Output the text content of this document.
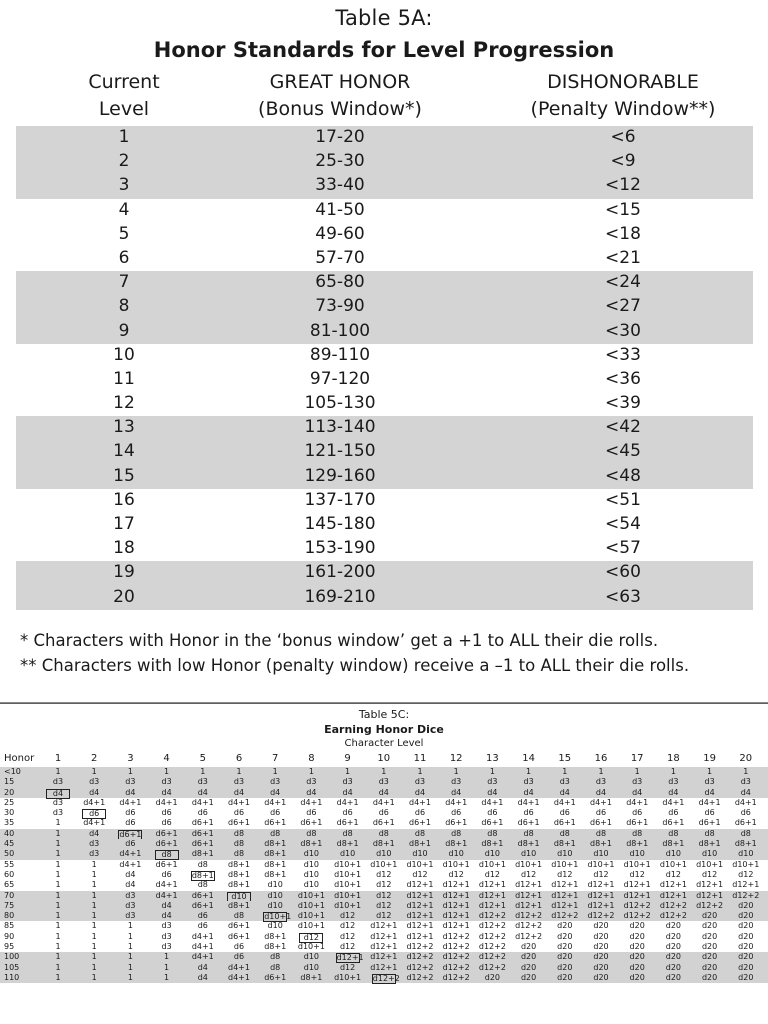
Table 5A:
Honor Standards for Level Progression
Current
Level
GREAT HONOR
(Bonus Window*)
DISHONORABLE
(Penalty Window**)
1	17-20	<6
2	25-30	<9
3	33-40	<12
4	41-50	<15
5	49-60	<18
6	57-70	<21
7	65-80	<24
8	73-90	<27
9	81-100	<30
10	89-110	<33
11	97-120	<36
12	105-130	<39
13	113-140	<42
14	121-150	<45
15	129-160	<48
16	137-170	<51
17	145-180	<54
18	153-190	<57
19	161-200	<60
20	169-210	<63
* Characters with Honor in the ‘bonus window’ get a +1 to ALL their die rolls.
** Characters with low Honor (penalty window) receive a –1 to ALL their die rolls.
Table 5C:
Earning Honor Dice
Character Level
Honor	1	2	3	4	5	6	7	8	9	10	11	12	13	14	15	16	17	18	19	20
<10	1	1	1	1	1	1	1	1	1	1	1	1	1	1	1	1	1	1	1	1
15	d3	d3	d3	d3	d3	d3	d3	d3	d3	d3	d3	d3	d3	d3	d3	d3	d3	d3	d3	d3
20	d4	d4	d4	d4	d4	d4	d4	d4	d4	d4	d4	d4	d4	d4	d4	d4	d4	d4	d4	d4
25	d3	d4+1	d4+1	d4+1	d4+1	d4+1	d4+1	d4+1	d4+1	d4+1	d4+1	d4+1	d4+1	d4+1	d4+1	d4+1	d4+1	d4+1	d4+1	d4+1
30	d3	d6	d6	d6	d6	d6	d6	d6	d6	d6	d6	d6	d6	d6	d6	d6	d6	d6	d6	d6
35	1	d4+1	d6	d6	d6+1	d6+1	d6+1	d6+1	d6+1	d6+1	d6+1	d6+1	d6+1	d6+1	d6+1	d6+1	d6+1	d6+1	d6+1	d6+1
40	1	d4	d6+1	d6+1	d6+1	d8	d8	d8	d8	d8	d8	d8	d8	d8	d8	d8	d8	d8	d8	d8
45	1	d3	d6	d6+1	d6+1	d8	d8+1	d8+1	d8+1	d8+1	d8+1	d8+1	d8+1	d8+1	d8+1	d8+1	d8+1	d8+1	d8+1	d8+1
50	1	d3	d4+1	d8	d8+1	d8	d8+1	d10	d10	d10	d10	d10	d10	d10	d10	d10	d10	d10	d10	d10
55	1	1	d4+1	d6+1	d8	d8+1	d8+1	d10	d10+1	d10+1	d10+1	d10+1	d10+1	d10+1	d10+1	d10+1	d10+1	d10+1	d10+1	d10+1
60	1	1	d4	d6	d8+1	d8+1	d8+1	d10	d10+1	d12	d12	d12	d12	d12	d12	d12	d12	d12	d12	d12
65	1	1	d4	d4+1	d8	d8+1	d10	d10	d10+1	d12	d12+1	d12+1	d12+1	d12+1	d12+1	d12+1	d12+1	d12+1	d12+1	d12+1
70	1	1	d3	d4+1	d6+1	d10	d10	d10+1	d10+1	d12	d12+1	d12+1	d12+1	d12+1	d12+1	d12+1	d12+1	d12+1	d12+1	d12+2
75	1	1	d3	d4	d6+1	d8+1	d10	d10+1	d10+1	d12	d12+1	d12+1	d12+1	d12+1	d12+1	d12+1	d12+2	d12+2	d12+2	d20
80	1	1	d3	d4	d6	d8	d10+1 d10+1	d12	d12	d12+1	d12+1	d12+2	d12+2	d12+2	d12+2	d12+2	d12+2	d20	d20
85	1	1	1	d3	d6	d6+1	d10	d10+1	d12	d12+1	d12+1	d12+1	d12+2	d12+2	d20	d20	d20	d20	d20	d20
90	1	1	1	d3	d4+1	d6+1	d8+1	d12	d12	d12+1	d12+1	d12+2	d12+2	d12+2	d20	d20	d20	d20	d20	d20
95	1	1	1	d3	d4+1	d6	d8+1	d10+1	d12	d12+1	d12+2	d12+2	d12+2	d20	d20	d20	d20	d20	d20	d20
100	1	1	1	1	d4+1	d6	d8	d10	d12+1 d12+1	d12+2	d12+2	d12+2	d20	d20	d20	d20	d20	d20	d20
105	1	1	1	1	d4	d4+1	d8	d10	d12	d12+1	d12+2	d12+2	d12+2	d20	d20	d20	d20	d20	d20	d20
110	1	1	1	1	d4	d4+1	d6+1	d8+1	d10+1	d12+2 d12+2	d12+2	d20	d20	d20	d20	d20	d20	d20	d20
